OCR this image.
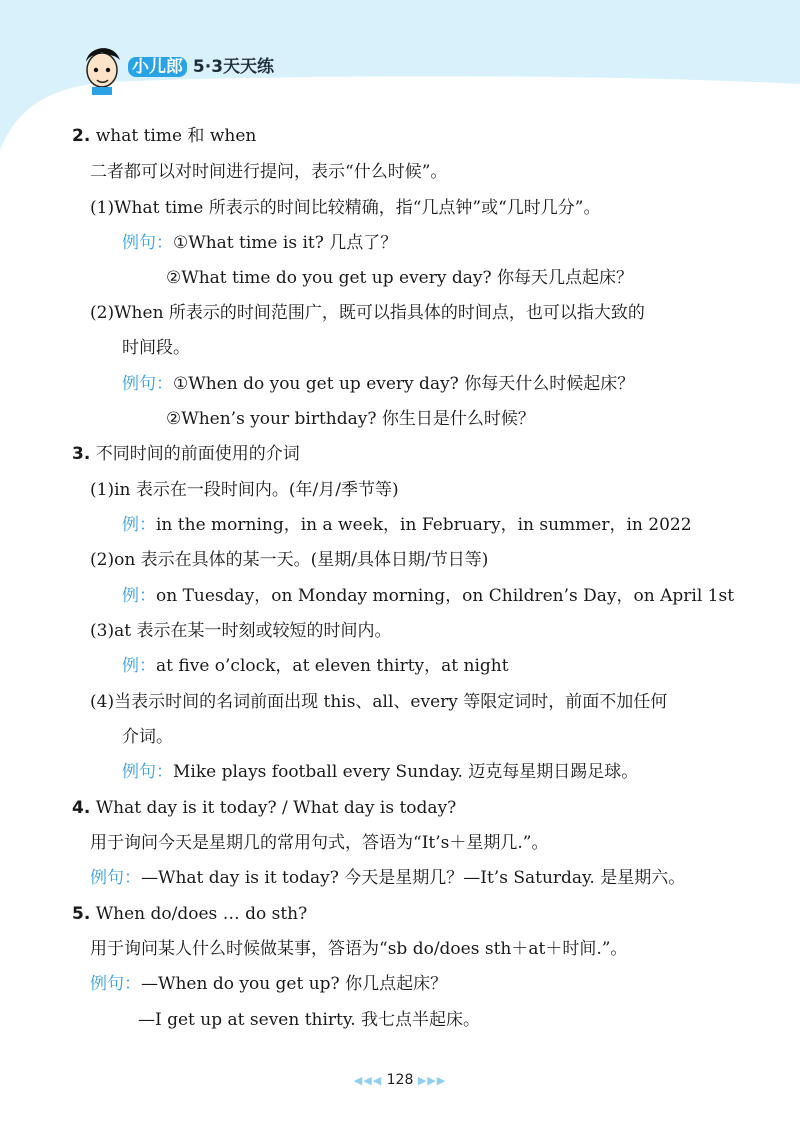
小儿郎 5·3天天练
2. what time 和 when
二者都可以对时间进行提问，表示“什么时候”。
(1)What time 所表示的时间比较精确，指“几点钟”或“几时几分”。
例句：①What time is it? 几点了？
②What time do you get up every day? 你每天几点起床？
(2)When 所表示的时间范围广，既可以指具体的时间点，也可以指大致的
时间段。
例句：①When do you get up every day? 你每天什么时候起床？
②When’s your birthday? 你生日是什么时候？
3. 不同时间的前面使用的介词
(1)in 表示在一段时间内。(年/月/季节等)
例：in the morning，in a week，in February，in summer，in 2022
(2)on 表示在具体的某一天。(星期/具体日期/节日等)
例：on Tuesday，on Monday morning，on Children’s Day，on April 1st
(3)at 表示在某一时刻或较短的时间内。
例：at five o’clock，at eleven thirty，at night
(4)当表示时间的名词前面出现 this、all、every 等限定词时，前面不加任何
介词。
例句：Mike plays football every Sunday. 迈克每星期日踢足球。
4. What day is it today? / What day is today?
用于询问今天是星期几的常用句式，答语为“It’s＋星期几.”。
例句：—What day is it today? 今天是星期几？—It’s Saturday. 是星期六。
5. When do/does … do sth?
用于询问某人什么时候做某事，答语为“sb do/does sth＋at＋时间.”。
例句：—When do you get up? 你几点起床？
—I get up at seven thirty. 我七点半起床。
◀◀◀ 128 ▶▶▶
